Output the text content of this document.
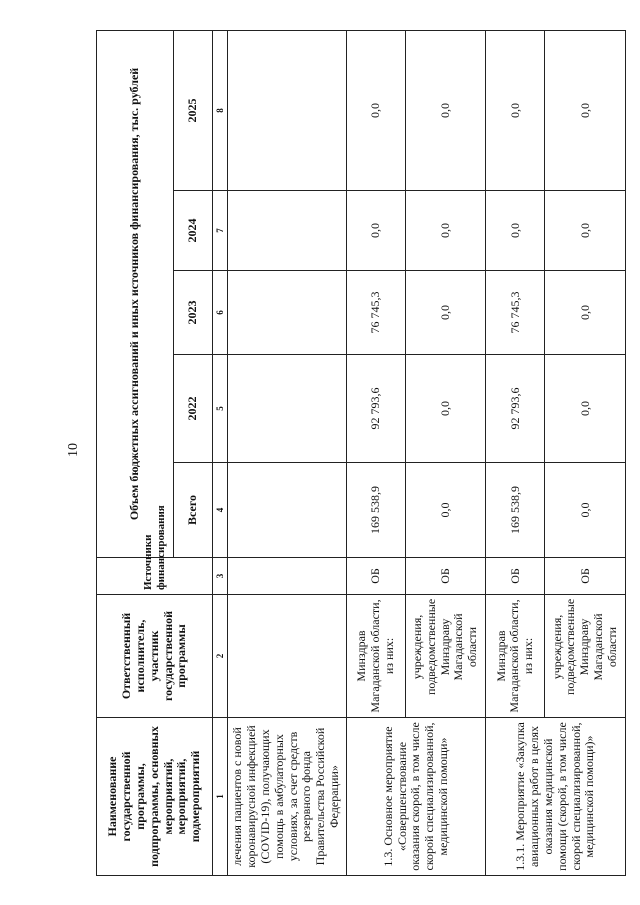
10
Наименование государственной программы, подпрограммы, основных мероприятий, мероприятий, подмероприятий	Ответственный исполнитель, участник государственной программы	Источники финансирования	Объем бюджетных ассигнований и иных источников финансирования, тыс. рублей				
			Всего	2022	2023	2024	2025
1	2	3	4	5	6	7	8
лечения пациентов с новой коронавирусной инфекцией (COVID-19), получающих помощь в амбулаторных условиях, за счет средств резервного фонда Правительства Российской Федерации»							
1.3. Основное мероприятие «Совершенствование оказания скорой, в том числе скорой специализированной, медицинской помощи»	Минздрав Магаданской области, из них:	ОБ	169 538,9	92 793,6	76 745,3	0,0	0,0
	учреждения, подведомственные Минздраву Магаданской области	ОБ	0,0	0,0	0,0	0,0	0,0
1.3.1. Мероприятие «Закупка авиационных работ в целях оказания медицинской помощи (скорой, в том числе скорой специализированной, медицинской помощи)»	Минздрав Магаданской области, из них:	ОБ	169 538,9	92 793,6	76 745,3	0,0	0,0
	учреждения, подведомственные Минздраву Магаданской области	ОБ	0,0	0,0	0,0	0,0	0,0
